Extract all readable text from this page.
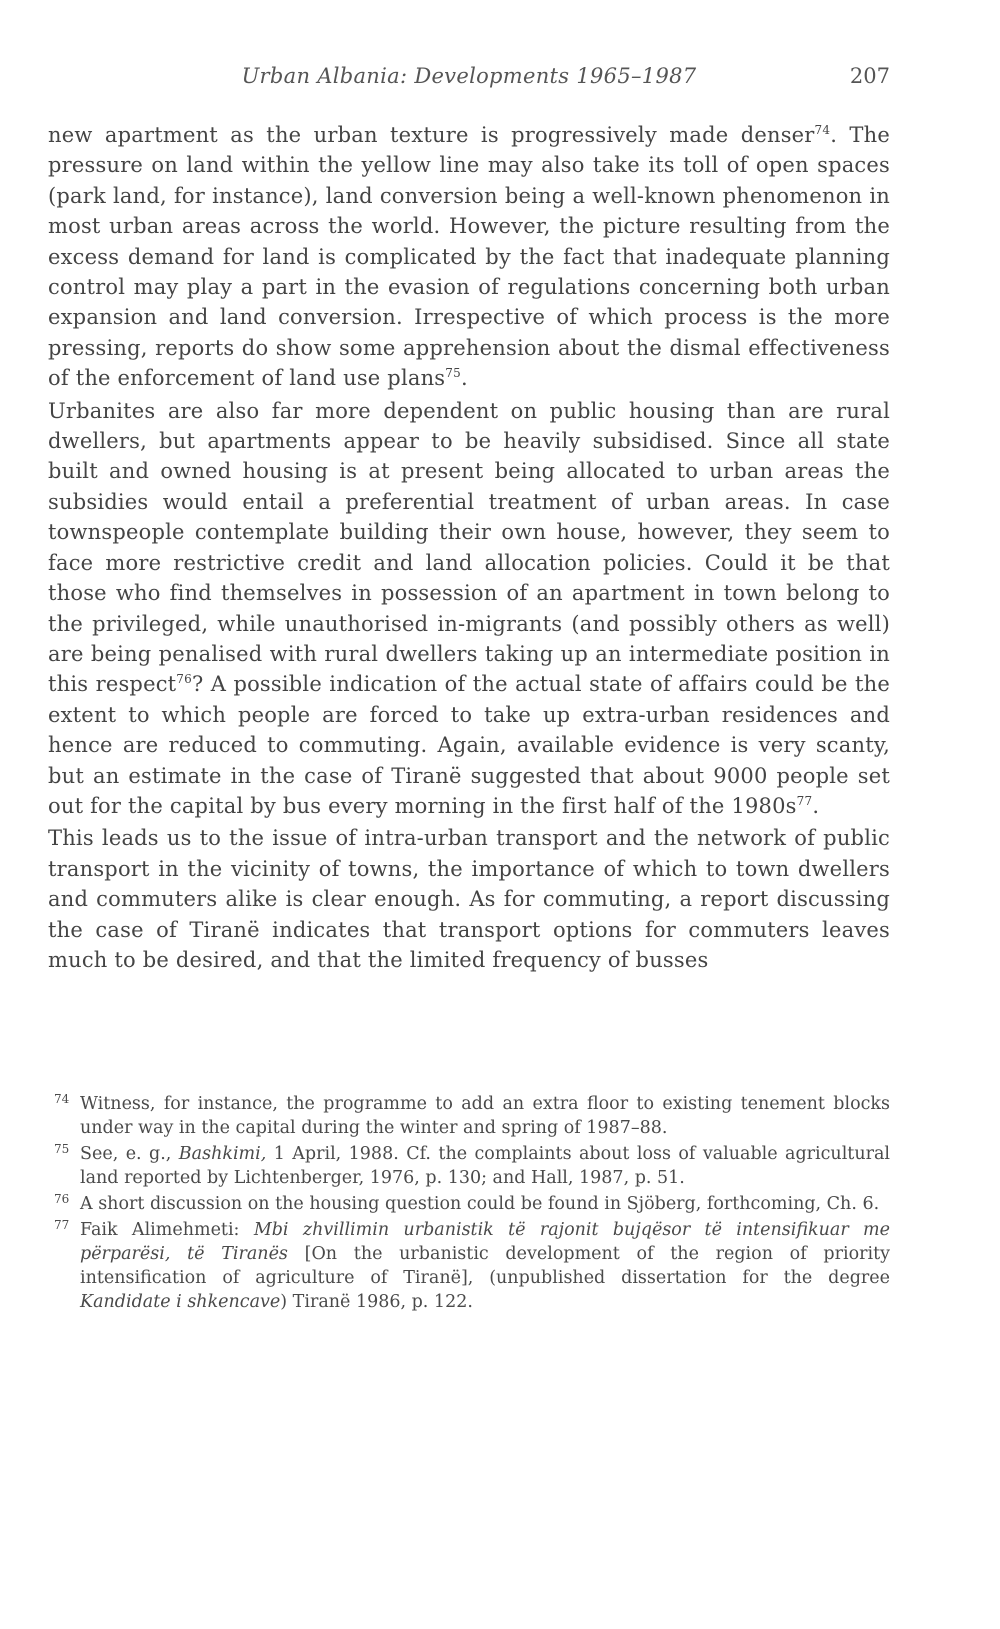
Urban Albania: Developments 1965–1987	207

new apartment as the urban texture is progressively made denser$^{74}$. The pressure on land within the yellow line may also take its toll of open spaces (park land, for instance), land conversion being a well-known phenomenon in most urban areas across the world. However, the picture resulting from the excess demand for land is complicated by the fact that inadequate planning control may play a part in the evasion of regulations concerning both urban expansion and land conversion. Irrespective of which process is the more pressing, reports do show some apprehension about the dismal effectiveness of the enforcement of land use plans$^{75}$.

Urbanites are also far more dependent on public housing than are rural dwellers, but apartments appear to be heavily subsidised. Since all state built and owned housing is at present being allocated to urban areas the subsidies would entail a preferential treatment of urban areas. In case townspeople contemplate building their own house, however, they seem to face more restrictive credit and land allocation policies. Could it be that those who find themselves in possession of an apartment in town belong to the privileged, while unauthorised in-migrants (and possibly others as well) are being penalised with rural dwellers taking up an intermediate position in this respect$^{76}$? A possible indication of the actual state of affairs could be the extent to which people are forced to take up extra-urban residences and hence are reduced to commuting. Again, available evidence is very scanty, but an estimate in the case of Tiranë suggested that about 9000 people set out for the capital by bus every morning in the first half of the $1980s^{77}$.

This leads us to the issue of intra-urban transport and the network of public transport in the vicinity of towns, the importance of which to town dwellers and commuters alike is clear enough. As for commuting, a report discussing the case of Tiranë indicates that transport options for commuters leaves much to be desired, and that the limited frequency of busses

74 Witness, for instance, the programme to add an extra floor to existing tenement blocks under way in the capital during the winter and spring of 1987–88.
75 See, e. g., Bashkimi, 1 April, 1988. Cf. the complaints about loss of valuable agricultural land reported by Lichtenberger, 1976, p. 130; and Hall, 1987, p. 51.
76 A short discussion on the housing question could be found in Sjöberg, forthcoming, Ch. 6.
77 Faik Alimehmeti: Mbi zhvillimin urbanistik të rajonit bujqësor të intensifikuar me përparësi, të Tiranës [On the urbanistic development of the region of priority intensification of agriculture of Tiranë], (unpublished dissertation for the degree Kandidate i shkencave) Tiranë 1986, p. 122.
